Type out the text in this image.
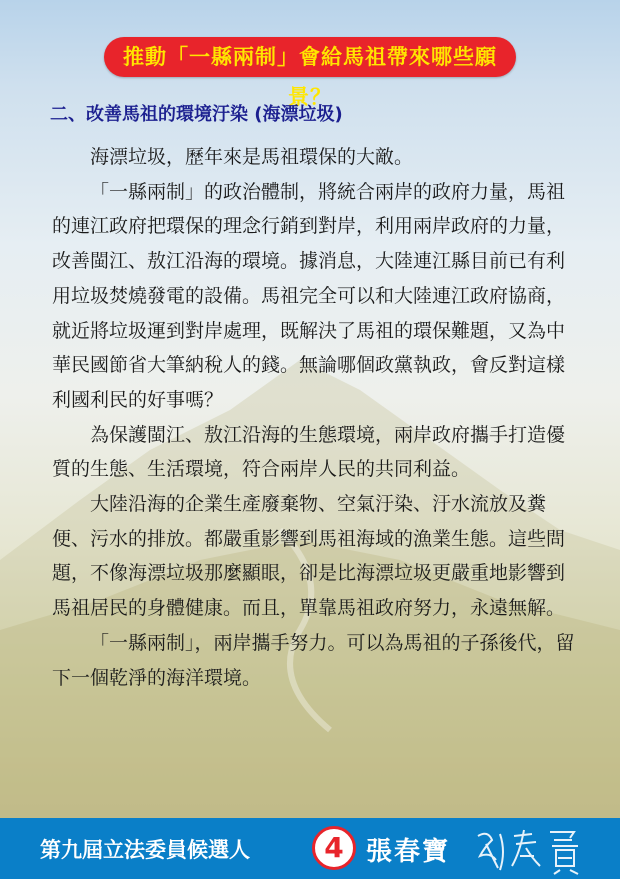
推動「一縣兩制」會給馬祖帶來哪些願景？
二、改善馬祖的環境汙染 (海漂垃圾)

海漂垃圾，歷年來是馬祖環保的大敵。

「一縣兩制」的政治體制，將統合兩岸的政府力量，馬祖的連江政府把環保的理念行銷到對岸，利用兩岸政府的力量，改善閩江、敖江沿海的環境。據消息，大陸連江縣目前已有利用垃圾焚燒發電的設備。馬祖完全可以和大陸連江政府協商，就近將垃圾運到對岸處理，既解決了馬祖的環保難題，又為中華民國節省大筆納稅人的錢。無論哪個政黨執政，會反對這樣利國利民的好事嗎？

為保護閩江、敖江沿海的生態環境，兩岸政府攜手打造優質的生態、生活環境，符合兩岸人民的共同利益。

大陸沿海的企業生產廢棄物、空氣汙染、汙水流放及糞便、污水的排放。都嚴重影響到馬祖海域的漁業生態。這些問題，不像海漂垃圾那麼顯眼，卻是比海漂垃圾更嚴重地影響到馬祖居民的身體健康。而且，單靠馬祖政府努力，永遠無解。

「一縣兩制」，兩岸攜手努力。可以為馬祖的子孫後代，留下一個乾淨的海洋環境。

第九屆立法委員候選人	4 張春寶
